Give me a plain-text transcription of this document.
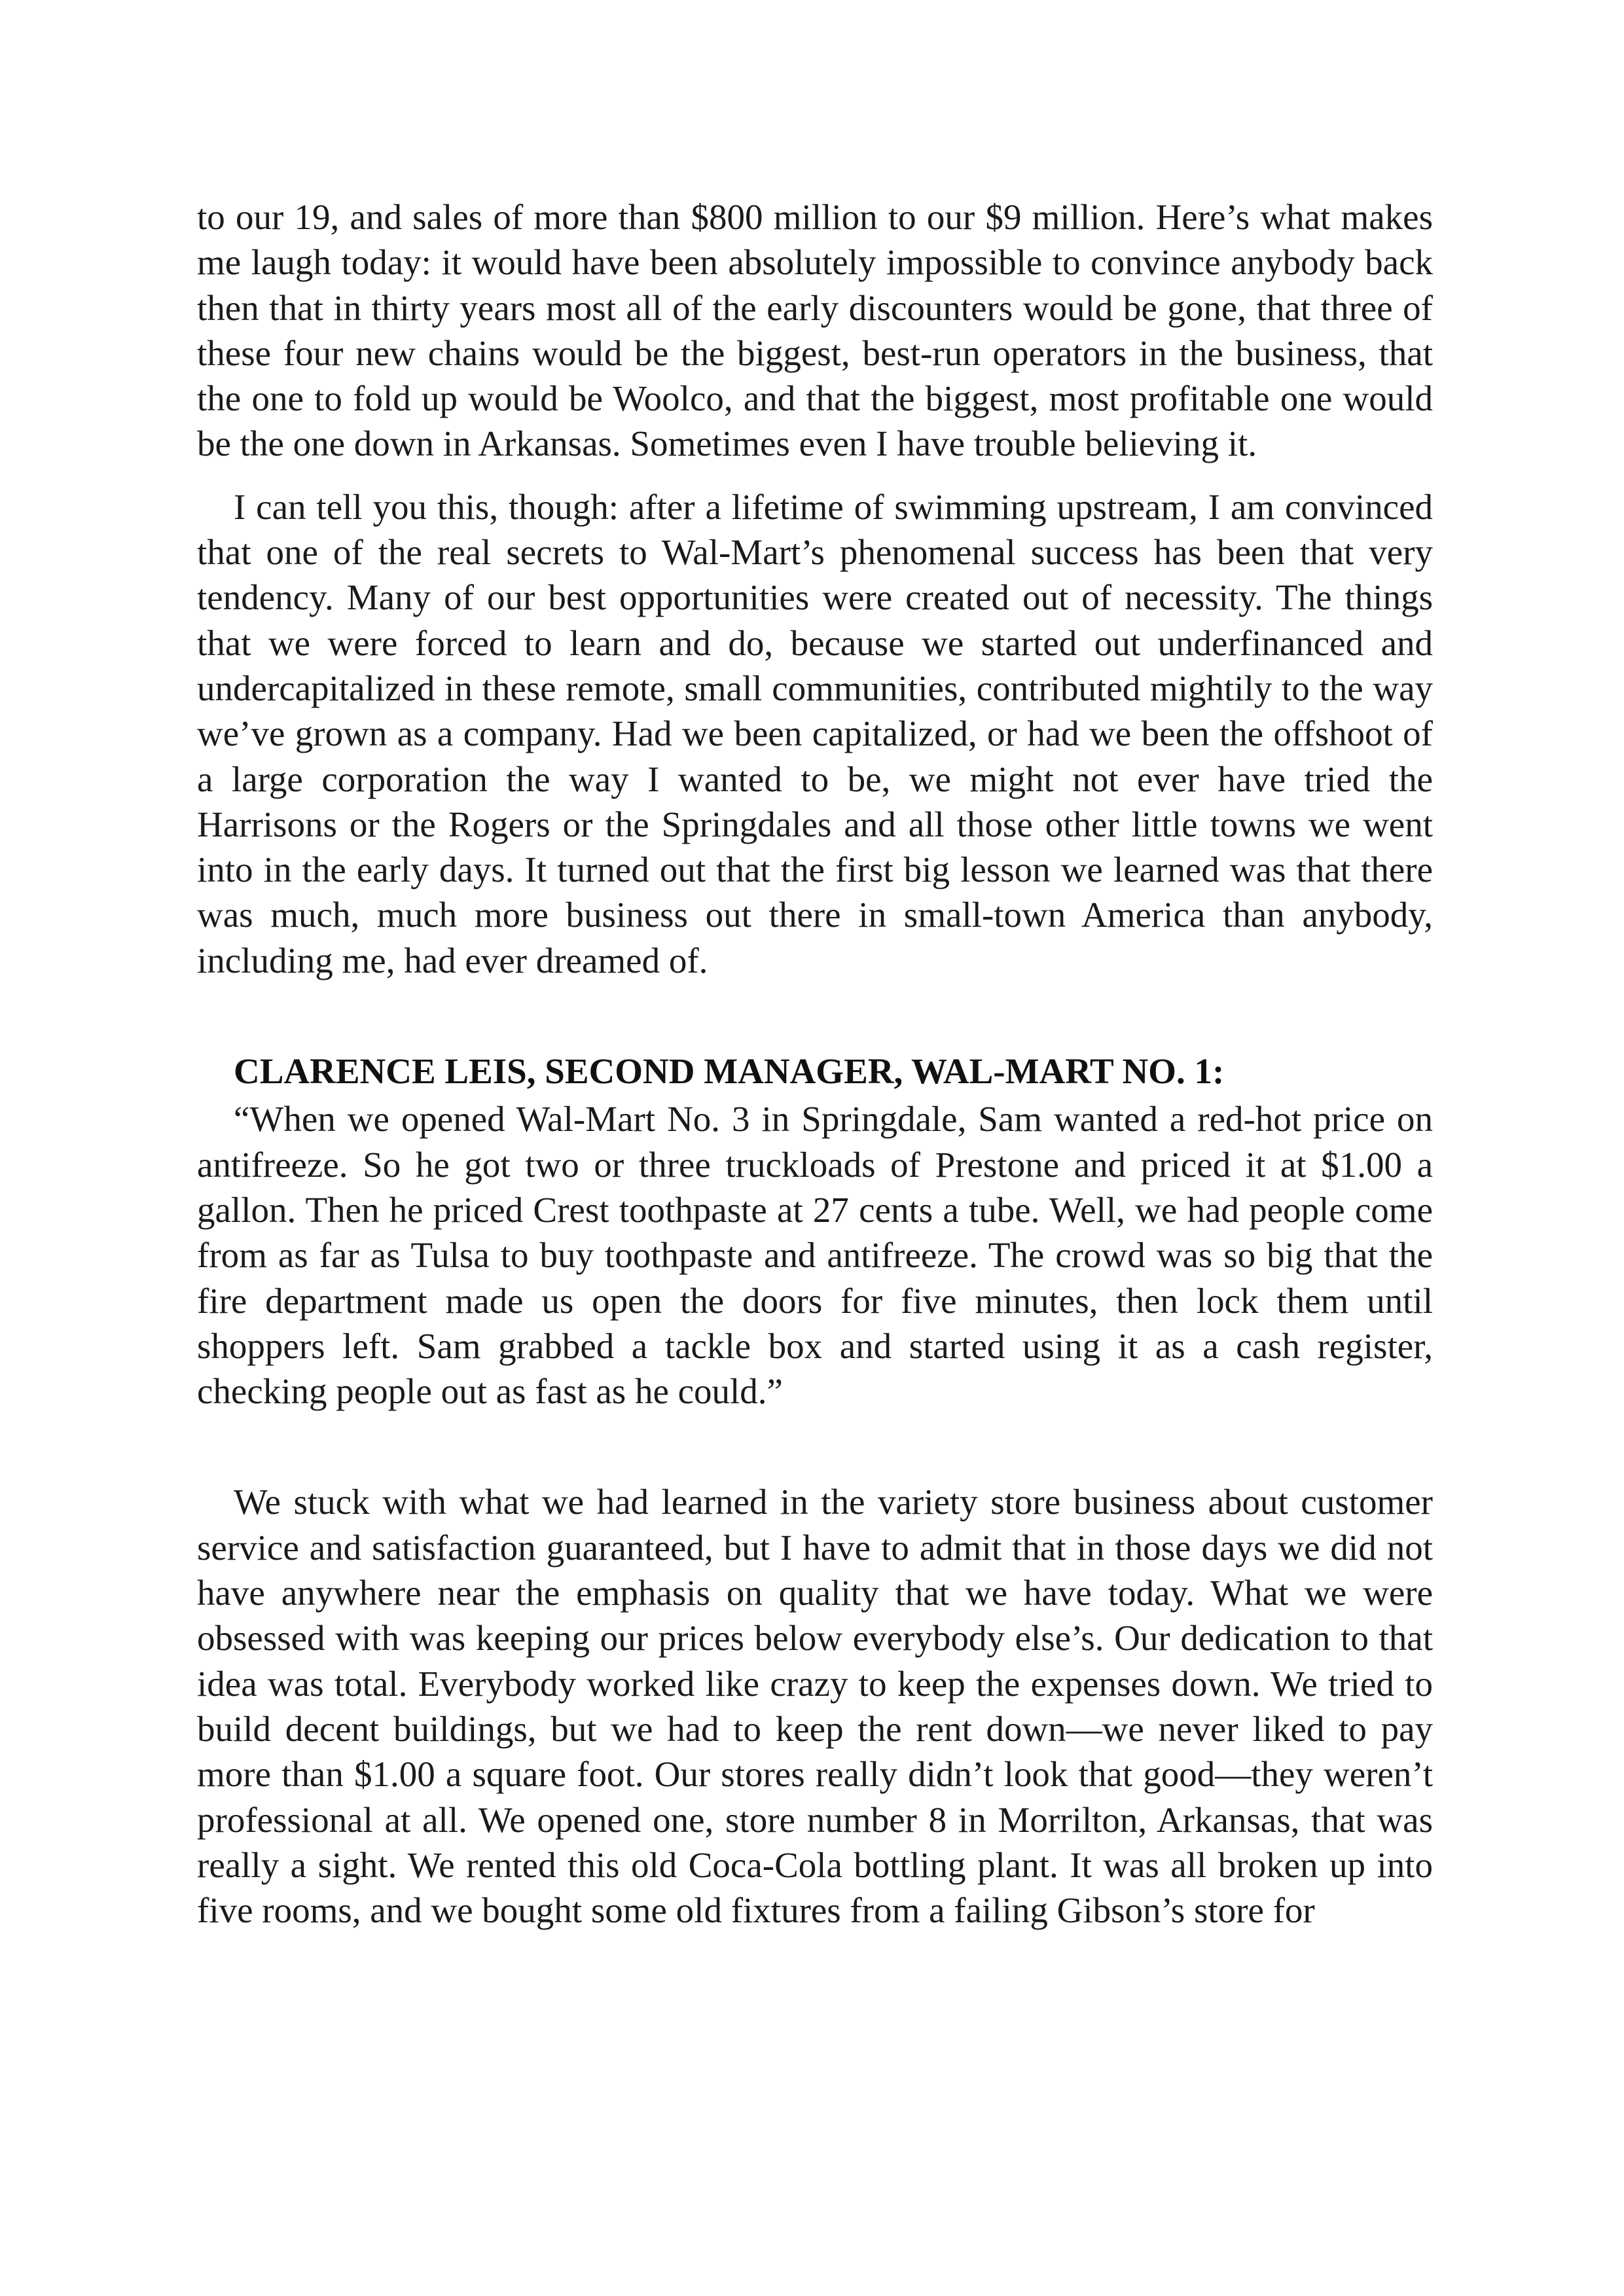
to our 19, and sales of more than $800 million to our $9 million. Here’s what makes me laugh today: it would have been absolutely impossible to convince anybody back then that in thirty years most all of the early discounters would be gone, that three of these four new chains would be the biggest, best-run operators in the business, that the one to fold up would be Woolco, and that the biggest, most profitable one would be the one down in Arkansas. Sometimes even I have trouble believing it.

I can tell you this, though: after a lifetime of swimming upstream, I am convinced that one of the real secrets to Wal-Mart’s phenomenal success has been that very tendency. Many of our best opportunities were created out of necessity. The things that we were forced to learn and do, because we started out underfinanced and undercapitalized in these remote, small communities, contributed mightily to the way we’ve grown as a company. Had we been capitalized, or had we been the offshoot of a large corporation the way I wanted to be, we might not ever have tried the Harrisons or the Rogers or the Springdales and all those other little towns we went into in the early days. It turned out that the first big lesson we learned was that there was much, much more business out there in small-town America than anybody, including me, had ever dreamed of.

CLARENCE LEIS, SECOND MANAGER, WAL-MART NO. 1:

“When we opened Wal-Mart No. 3 in Springdale, Sam wanted a red-hot price on antifreeze. So he got two or three truckloads of Prestone and priced it at $1.00 a gallon. Then he priced Crest toothpaste at 27 cents a tube. Well, we had people come from as far as Tulsa to buy toothpaste and antifreeze. The crowd was so big that the fire department made us open the doors for five minutes, then lock them until shoppers left. Sam grabbed a tackle box and started using it as a cash register, checking people out as fast as he could.”

We stuck with what we had learned in the variety store business about customer service and satisfaction guaranteed, but I have to admit that in those days we did not have anywhere near the emphasis on quality that we have today. What we were obsessed with was keeping our prices below everybody else’s. Our dedication to that idea was total. Everybody worked like crazy to keep the expenses down. We tried to build decent buildings, but we had to keep the rent down—we never liked to pay more than $1.00 a square foot. Our stores really didn’t look that good—they weren’t professional at all. We opened one, store number 8 in Morrilton, Arkansas, that was really a sight. We rented this old Coca-Cola bottling plant. It was all broken up into five rooms, and we bought some old fixtures from a failing Gibson’s store for
